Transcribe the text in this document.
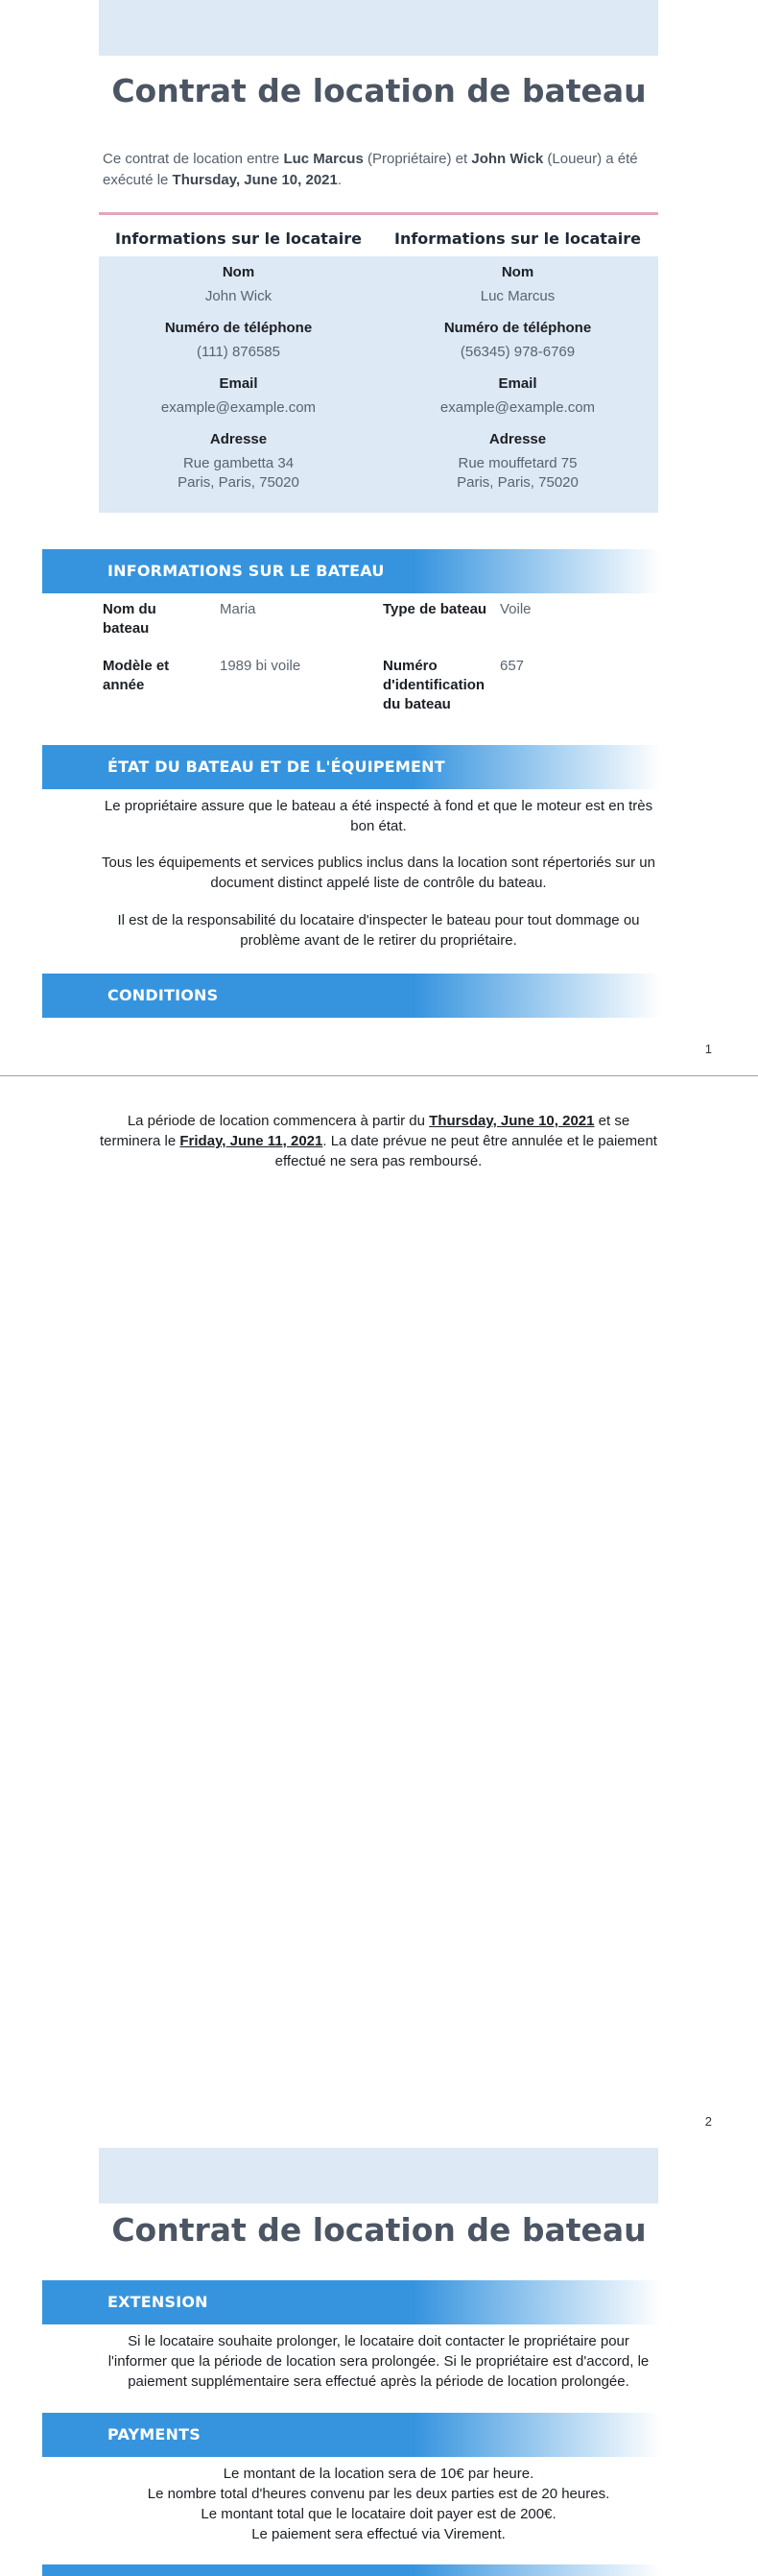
Contrat de location de bateau
Ce contrat de location entre Luc Marcus (Propriétaire) et John Wick (Loueur) a été exécuté le Thursday, June 10, 2021.
Informations sur le locataire
Nom
John Wick
Numéro de téléphone
(111) 876585
Email
example@example.com
Adresse
Rue gambetta 34
Paris, Paris, 75020
Informations sur le locataire
Nom
Luc Marcus
Numéro de téléphone
(56345) 978-6769
Email
example@example.com
Adresse
Rue mouffetard 75
Paris, Paris, 75020
INFORMATIONS SUR LE BATEAU
Nom du bateau
Maria	Type de bateau Voile
Modèle et année
1989 bi voile	Numéro d'identification du bateau
657
ÉTAT DU BATEAU ET DE L'ÉQUIPEMENT
Le propriétaire assure que le bateau a été inspecté à fond et que le moteur est en très bon état.
Tous les équipements et services publics inclus dans la location sont répertoriés sur un document distinct appelé liste de contrôle du bateau.
Il est de la responsabilité du locataire d'inspecter le bateau pour tout dommage ou problème avant de le retirer du propriétaire.
CONDITIONS
1
La période de location commencera à partir du Thursday, June 10, 2021 et se terminera le Friday, June 11, 2021. La date prévue ne peut être annulée et le paiement effectué ne sera pas remboursé.
2
Contrat de location de bateau
EXTENSION
Si le locataire souhaite prolonger, le locataire doit contacter le propriétaire pour l'informer que la période de location sera prolongée. Si le propriétaire est d'accord, le paiement supplémentaire sera effectué après la période de location prolongée.
PAYMENTS
Le montant de la location sera de 10€ par heure.
Le nombre total d'heures convenu par les deux parties est de 20 heures.
Le montant total que le locataire doit payer est de 200€.
Le paiement sera effectué via Virement.
